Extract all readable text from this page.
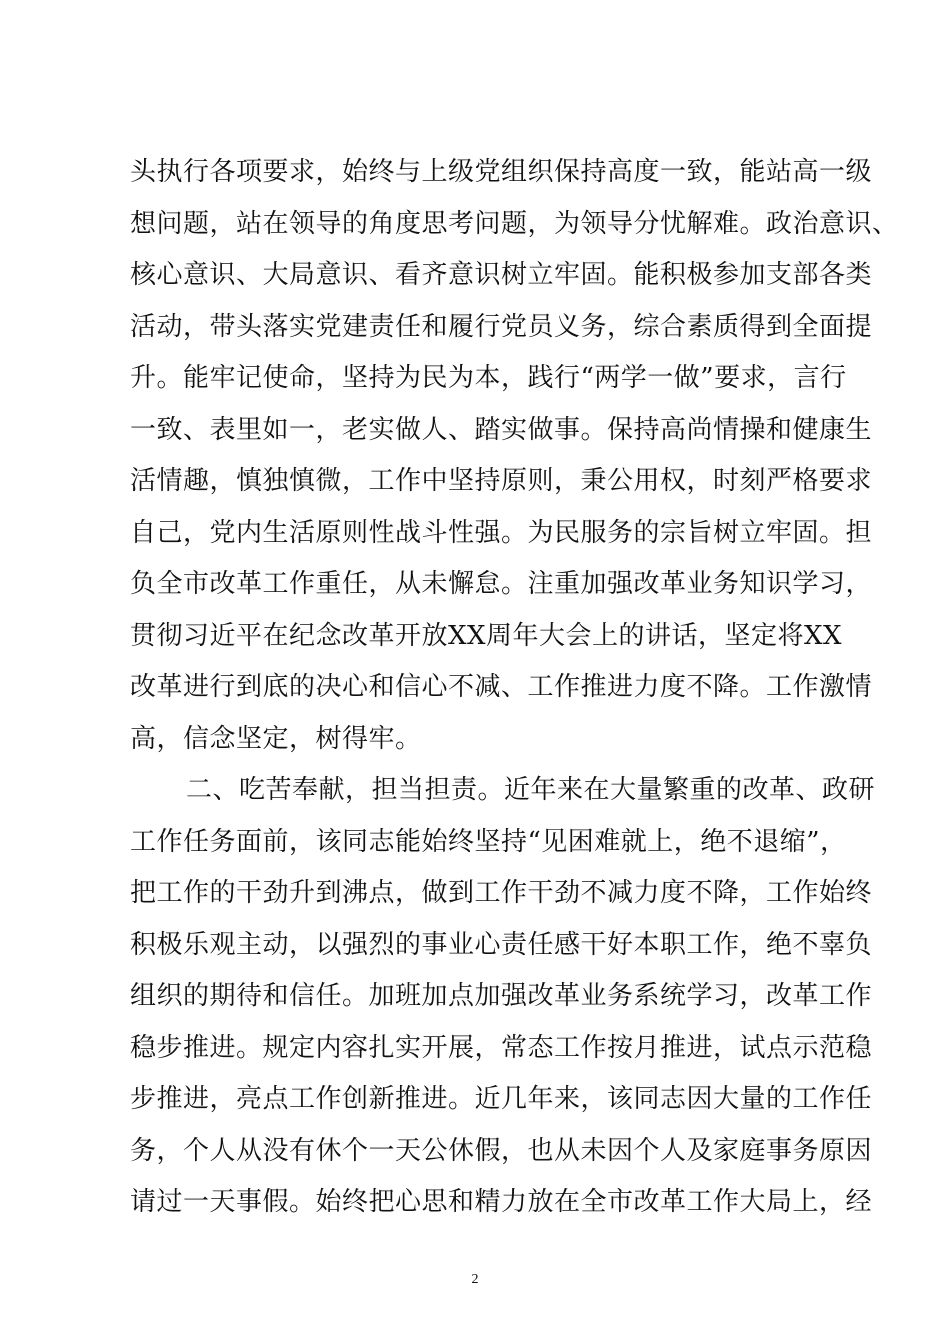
头执行各项要求，始终与上级党组织保持高度一致，能站高一级
想问题，站在领导的角度思考问题，为领导分忧解难。政治意识、
核心意识、大局意识、看齐意识树立牢固。能积极参加支部各类
活动，带头落实党建责任和履行党员义务，综合素质得到全面提
升。能牢记使命，坚持为民为本，践行“两学一做”要求，言行
一致、表里如一，老实做人、踏实做事。保持高尚情操和健康生
活情趣，慎独慎微，工作中坚持原则，秉公用权，时刻严格要求
自己，党内生活原则性战斗性强。为民服务的宗旨树立牢固。担
负全市改革工作重任，从未懈怠。注重加强改革业务知识学习，
贯彻习近平在纪念改革开放XX周年大会上的讲话，坚定将XX
改革进行到底的决心和信心不减、工作推进力度不降。工作激情
高，信念坚定，树得牢。
二、吃苦奉献，担当担责。近年来在大量繁重的改革、政研
工作任务面前，该同志能始终坚持“见困难就上，绝不退缩”，
把工作的干劲升到沸点，做到工作干劲不减力度不降，工作始终
积极乐观主动，以强烈的事业心责任感干好本职工作，绝不辜负
组织的期待和信任。加班加点加强改革业务系统学习，改革工作
稳步推进。规定内容扎实开展，常态工作按月推进，试点示范稳
步推进，亮点工作创新推进。近几年来，该同志因大量的工作任
务，个人从没有休个一天公休假，也从未因个人及家庭事务原因
请过一天事假。始终把心思和精力放在全市改革工作大局上，经
2
